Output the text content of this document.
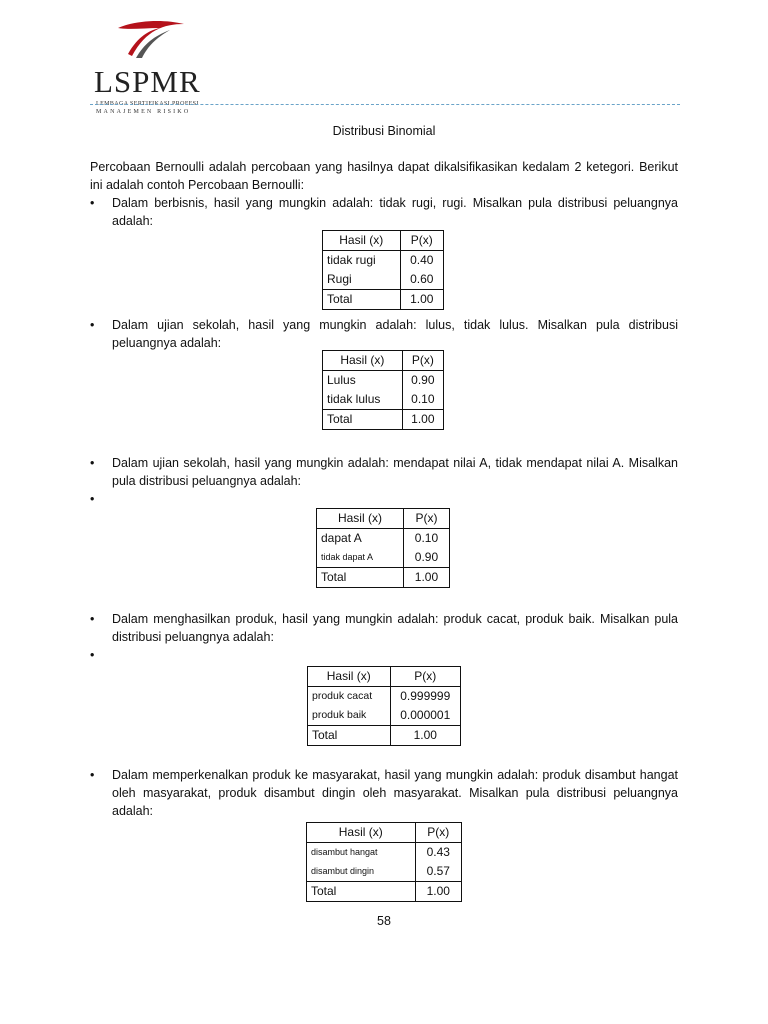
LSPMR
LEMBAGA SERTIFIKASI PROFESI
MANAJEMEN RISIKO
Distribusi Binomial
Percobaan Bernoulli adalah percobaan yang hasilnya dapat dikalsifikasikan kedalam 2 ketegori. Berikut ini adalah contoh Percobaan Bernoulli:
•	Dalam berbisnis, hasil yang mungkin adalah: tidak rugi, rugi. Misalkan pula distribusi peluangnya adalah:
Hasil (x)	P(x)
tidak rugi	0.40
Rugi	0.60
Total	1.00
•	Dalam ujian sekolah, hasil yang mungkin adalah: lulus, tidak lulus. Misalkan pula distribusi peluangnya adalah:
Hasil (x)	P(x)
Lulus	0.90
tidak lulus	0.10
Total	1.00
•	Dalam ujian sekolah, hasil yang mungkin adalah: mendapat nilai A, tidak mendapat nilai A. Misalkan pula distribusi peluangnya adalah:
•
Hasil (x)	P(x)
dapat A	0.10
tidak dapat A	0.90
Total	1.00
•	Dalam menghasilkan produk, hasil yang mungkin adalah: produk cacat, produk baik. Misalkan pula distribusi peluangnya adalah:
•
Hasil (x)	P(x)
produk cacat	0.999999
produk baik	0.000001
Total	1.00
•	Dalam memperkenalkan produk ke masyarakat, hasil yang mungkin adalah: produk disambut hangat oleh masyarakat, produk disambut dingin oleh masyarakat. Misalkan pula distribusi peluangnya adalah:
Hasil (x)	P(x)
disambut hangat	0.43
disambut dingin	0.57
Total	1.00
58
